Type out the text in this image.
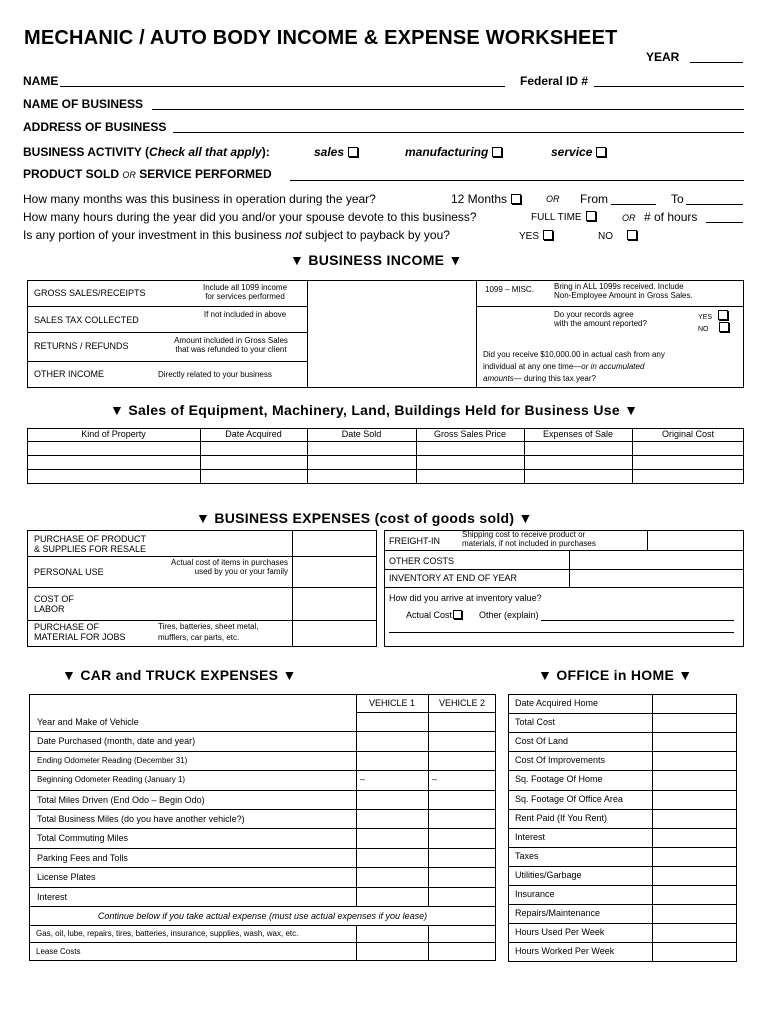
MECHANIC / AUTO BODY INCOME & EXPENSE WORKSHEET
YEAR
NAME	Federal ID #
NAME OF BUSINESS
ADDRESS OF BUSINESS
BUSINESS ACTIVITY (Check all that apply):	sales	manufacturing	service
PRODUCT SOLD OR SERVICE PERFORMED
How many months was this business in operation during the year?	12 Months	OR From	To
How many hours during the year did you and/or your spouse devote to this business?	FULL TIME	OR # of hours
Is any portion of your investment in this business not subject to payback by you?	YES	NO
▼ BUSINESS INCOME ▼
GROSS SALES/RECEIPTS
Include all 1099 income
for services performed
SALES TAX COLLECTED
If not included in above
RETURNS / REFUNDS
Amount included in Gross Sales
that was refunded to your client
OTHER INCOME	Directly related to your business
1099 – MISC.	Bring in ALL 1099s received. Include
Non-Employee Amount in Gross Sales.
Do your records agree
with the amount reported?
YES
NO
Did you receive $10,000.00 in actual cash from any
individual at any one time—or in accumulated
amounts— during this tax year?
▼ Sales of Equipment, Machinery, Land, Buildings Held for Business Use ▼
Kind of Property	Date Acquired	Date Sold	Gross Sales Price	Expenses of Sale	Original Cost
▼ BUSINESS EXPENSES (cost of goods sold) ▼
PURCHASE OF PRODUCT
& SUPPLIES FOR RESALE
PERSONAL USE
Actual cost of items in purchases
used by you or your family
COST OF
LABOR
PURCHASE OF
MATERIAL FOR JOBS
Tires, batteries, sheet metal,
mufflers, car parts, etc.
FREIGHT-IN
Shipping cost to receive product or
materials, if not included in purchases
OTHER COSTS
INVENTORY AT END OF YEAR
How did you arrive at inventory value?
Actual Cost	Other (explain)
▼ CAR and TRUCK EXPENSES ▼
VEHICLE 1	VEHICLE 2
Year and Make of Vehicle
Date Purchased (month, date and year)
Ending Odometer Reading (December 31)
Beginning Odometer Reading (January 1)	–	–
Total Miles Driven (End Odo – Begin Odo)
Total Business Miles (do you have another vehicle?)
Total Commuting Miles
Parking Fees and Tolls
License Plates
Interest
Continue below if you take actual expense (must use actual expenses if you lease)
Gas, oil, lube, repairs, tires, batteries, insurance, supplies, wash, wax, etc.
Lease Costs
▼ OFFICE in HOME ▼
Date Acquired Home
Total Cost
Cost Of Land
Cost Of Improvements
Sq. Footage Of Home
Sq. Footage Of Office Area
Rent Paid (If You Rent)
Interest
Taxes
Utilities/Garbage
Insurance
Repairs/Maintenance
Hours Used Per Week
Hours Worked Per Week
